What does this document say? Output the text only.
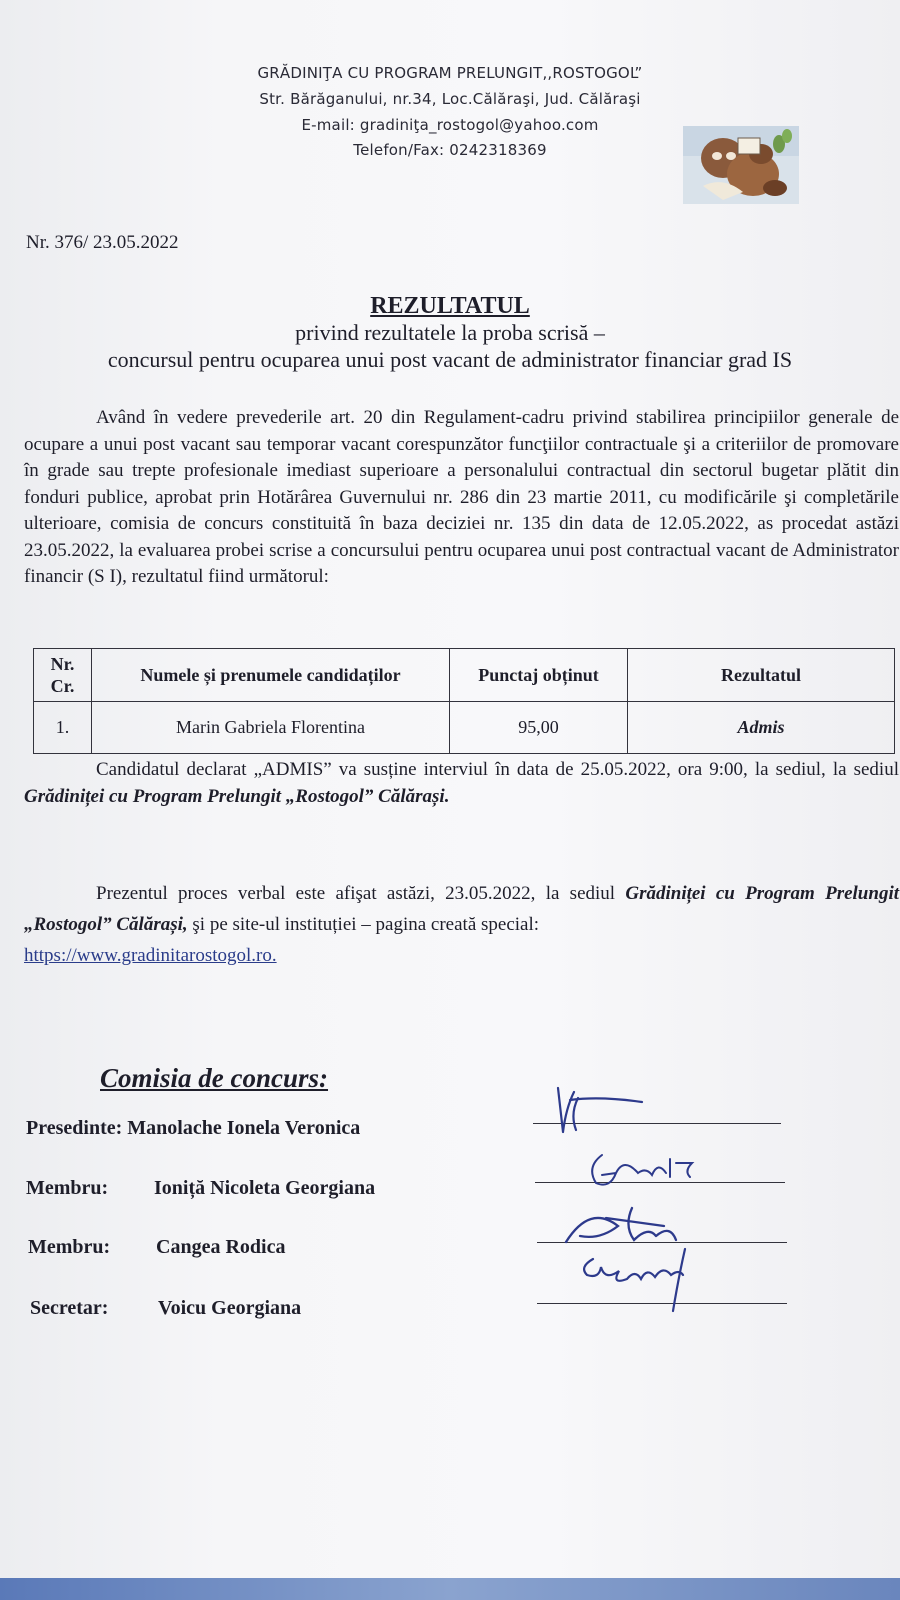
GRĂDINIŢA CU PROGRAM PRELUNGIT,,ROSTOGOL”
Str. Bărăganului, nr.34, Loc.Călăraşi, Jud. Călăraşi
E-mail: gradiniţa_rostogol@yahoo.com
Telefon/Fax: 0242318369
Nr. 376/ 23.05.2022
REZULTATUL
privind rezultatele la proba scrisă –
concursul pentru ocuparea unui post vacant de administrator financiar grad IS

Având în vedere prevederile art. 20 din Regulament-cadru privind stabilirea principiilor generale de ocupare a unui post vacant sau temporar vacant corespunzător funcţiilor contractuale şi a criteriilor de promovare în grade sau trepte profesionale imediast superioare a personalului contractual din sectorul bugetar plătit din fonduri publice, aprobat prin Hotărârea Guvernului nr. 286 din 23 martie 2011, cu modificările şi completările ulterioare, comisia de concurs constituită în baza deciziei nr. 135 din data de 12.05.2022, as procedat astăzi 23.05.2022, la evaluarea probei scrise a concursului pentru ocuparea unui post contractual vacant de Administrator financir (S I), rezultatul fiind următorul:

Nr. Cr.	Numele și prenumele candidaților	Punctaj obținut	Rezultatul
1.	Marin Gabriela Florentina	95,00	Admis

Candidatul declarat „ADMIS” va susține interviul în data de 25.05.2022, ora 9:00, la sediul, la sediul Grădiniței cu Program Prelungit „Rostogol” Călărași.

Prezentul proces verbal este afişat astăzi, 23.05.2022, la sediul Grădiniței cu Program Prelungit „Rostogol” Călărași, şi pe site-ul instituției – pagina creată special:
https://www.gradinitarostogol.ro.

Comisia de concurs:
Presedinte: Manolache Ionela Veronica
Membru: Ioniță Nicoleta Georgiana
Membru: Cangea Rodica
Secretar: Voicu Georgiana
